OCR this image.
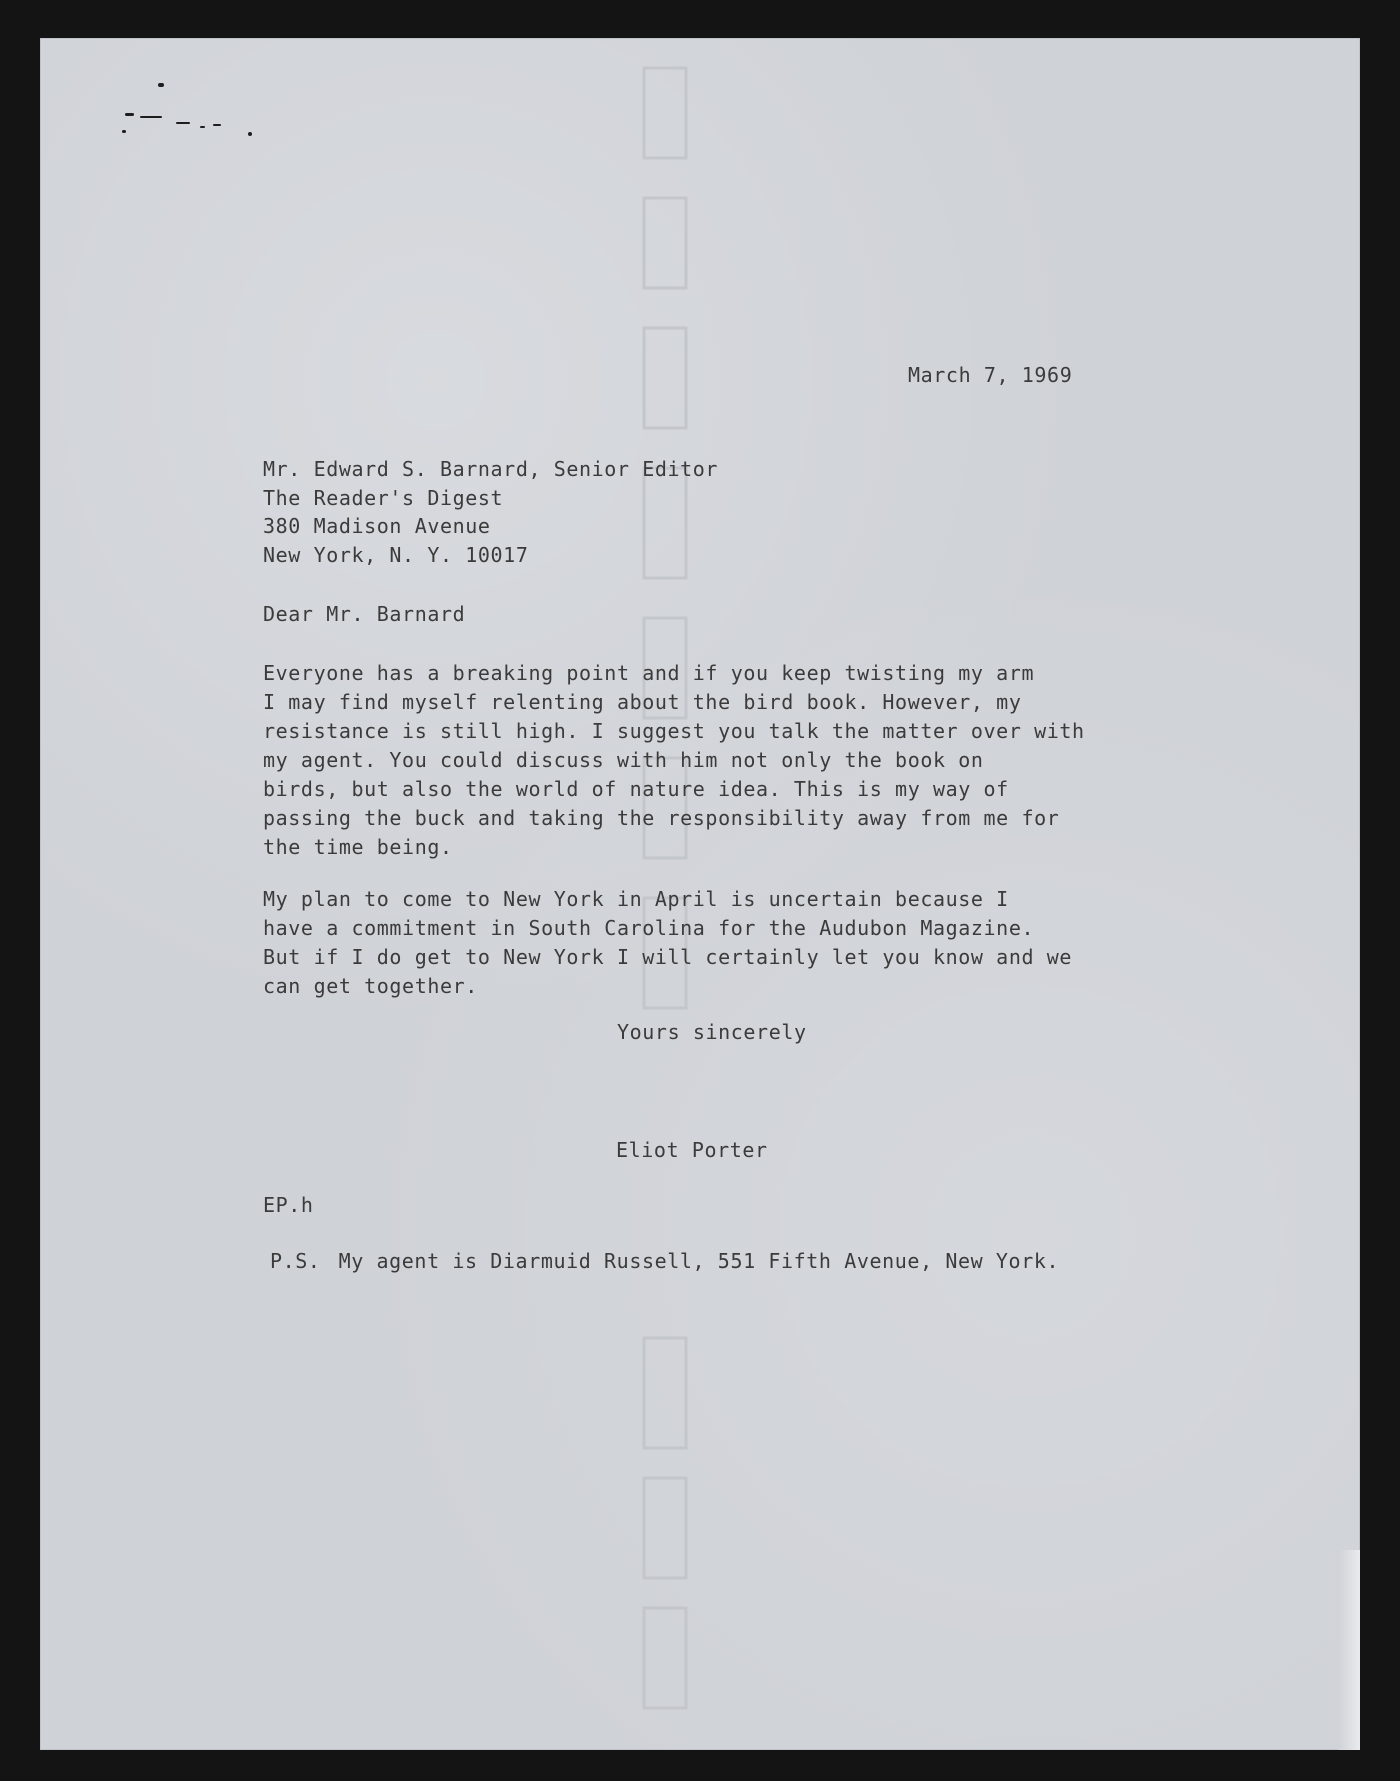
March 7, 1969

Mr. Edward S. Barnard, Senior Editor
The Reader's Digest
380 Madison Avenue
New York, N. Y. 10017

Dear Mr. Barnard

Everyone has a breaking point and if you keep twisting my arm
I may find myself relenting about the bird book. However, my
resistance is still high. I suggest you talk the matter over with
my agent. You could discuss with him not only the book on
birds, but also the world of nature idea. This is my way of
passing the buck and taking the responsibility away from me for
the time being.
My plan to come to New York in April is uncertain because I
have a commitment in South Carolina for the Audubon Magazine.
But if I do get to New York I will certainly let you know and we
can get together.

Yours sincerely

Eliot Porter

EP.h

P.S. My agent is Diarmuid Russell, 551 Fifth Avenue, New York.
